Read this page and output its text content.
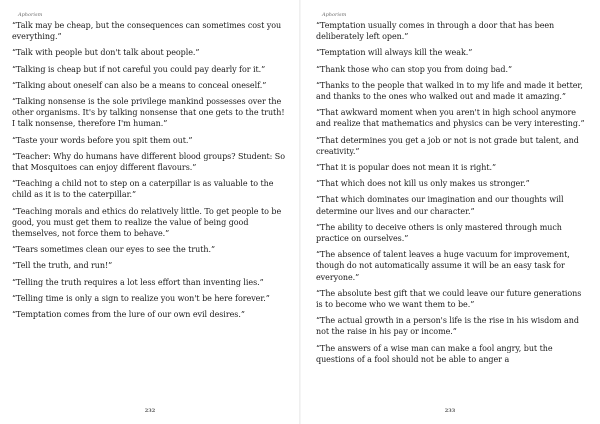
Aphorism

“Talk may be cheap, but the consequences can sometimes cost you everything.”

“Talk with people but don't talk about people.”

“Talking is cheap but if not careful you could pay dearly for it.”

“Talking about oneself can also be a means to conceal oneself.”

“Talking nonsense is the sole privilege mankind possesses over the other organisms. It's by talking nonsense that one gets to the truth! I talk nonsense, therefore I'm human.”

“Taste your words before you spit them out.”

“Teacher: Why do humans have different blood groups? Student: So that Mosquitoes can enjoy different flavours.”

“Teaching a child not to step on a caterpillar is as valuable to the child as it is to the caterpillar.”

“Teaching morals and ethics do relatively little. To get people to be good, you must get them to realize the value of being good themselves, not force them to behave.”

“Tears sometimes clean our eyes to see the truth.”

“Tell the truth, and run!”

“Telling the truth requires a lot less effort than inventing lies.”

“Telling time is only a sign to realize you won't be here forever.”

“Temptation comes from the lure of our own evil desires.”

232
Aphorism

“Temptation usually comes in through a door that has been deliberately left open.”

“Temptation will always kill the weak.”

“Thank those who can stop you from doing bad.”

“Thanks to the people that walked in to my life and made it better, and thanks to the ones who walked out and made it amazing.”

“That awkward moment when you aren't in high school anymore and realize that mathematics and physics can be very interesting.”

“That determines you get a job or not is not grade but talent, and creativity.”

“That it is popular does not mean it is right.”

“That which does not kill us only makes us stronger.”

“That which dominates our imagination and our thoughts will determine our lives and our character.”

“The ability to deceive others is only mastered through much practice on ourselves.”

“The absence of talent leaves a huge vacuum for improvement, though do not automatically assume it will be an easy task for everyone.”

“The absolute best gift that we could leave our future generations is to become who we want them to be.”

“The actual growth in a person's life is the rise in his wisdom and not the raise in his pay or income.”

“The answers of a wise man can make a fool angry, but the questions of a fool should not be able to anger a

233
